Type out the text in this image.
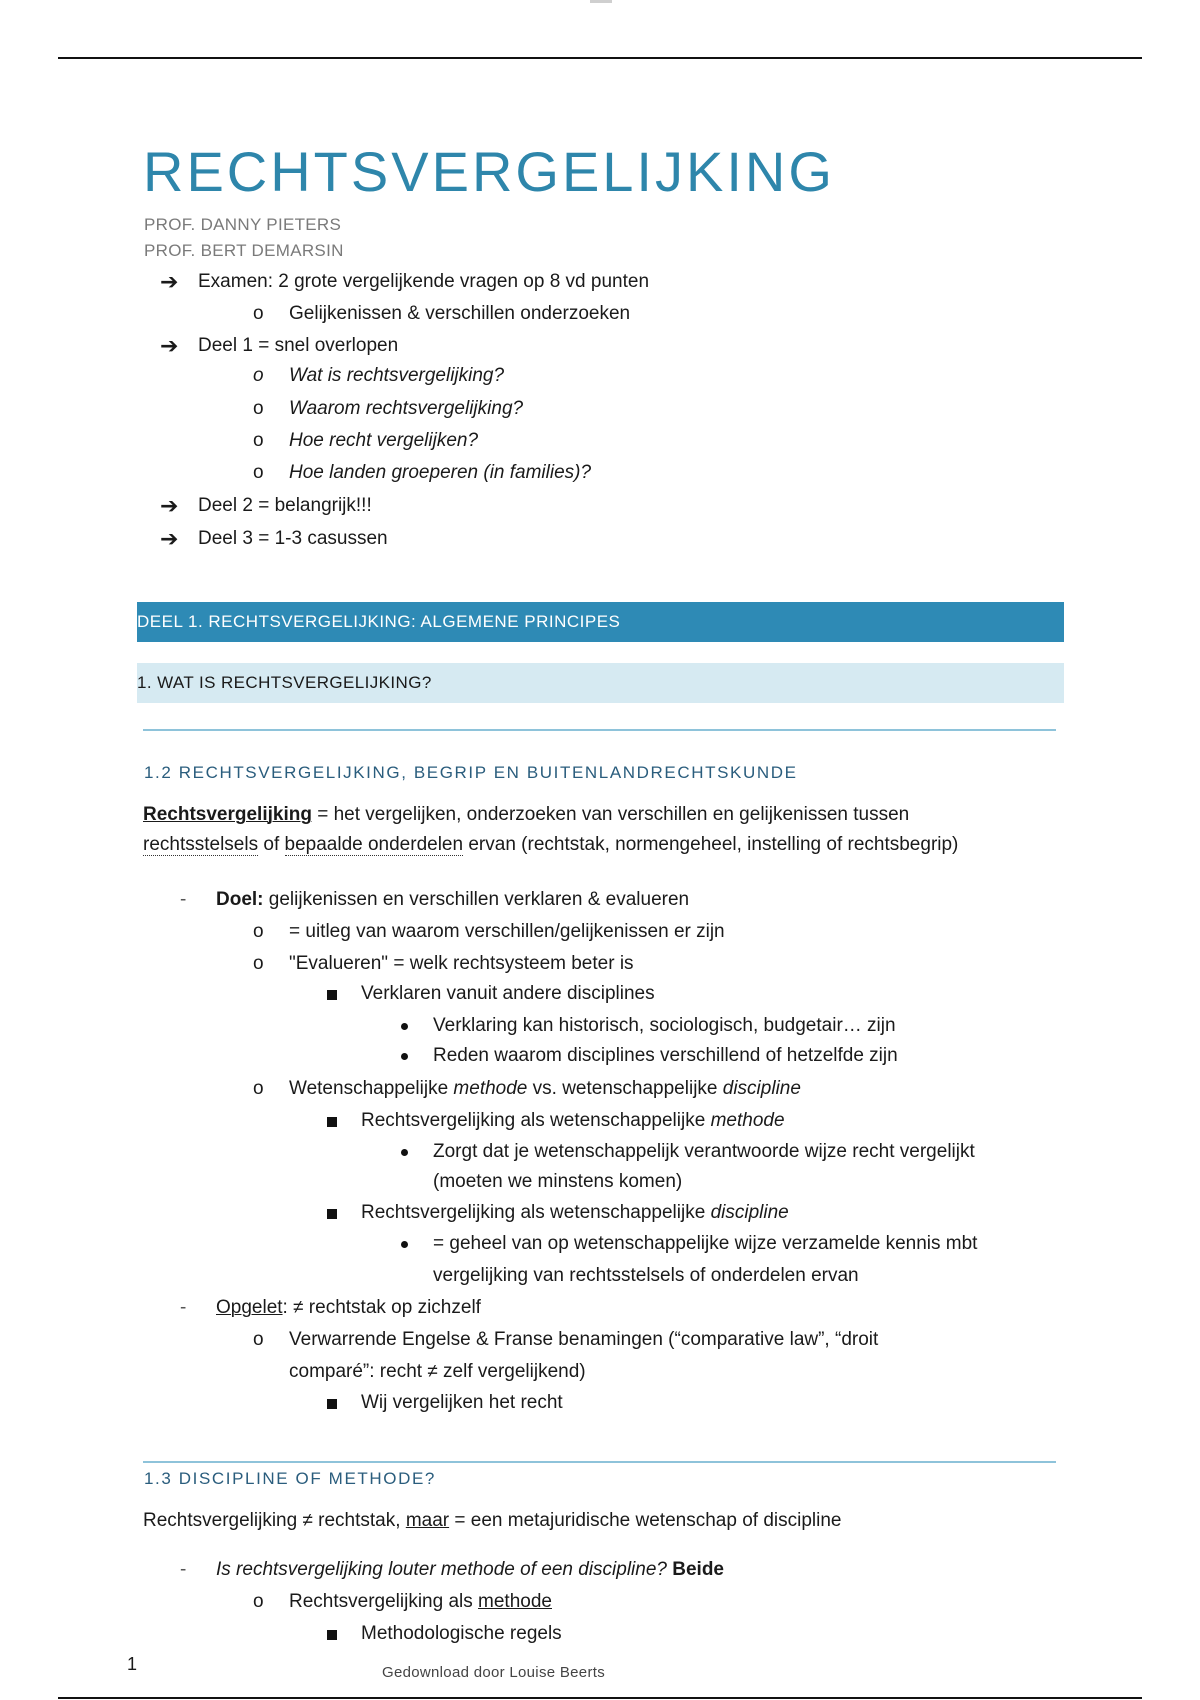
RECHTSVERGELIJKING
PROF. DANNY PIETERS
PROF. BERT DEMARSIN
➔ Examen: 2 grote vergelijkende vragen op 8 vd punten
o Gelijkenissen & verschillen onderzoeken
➔ Deel 1 = snel overlopen
o Wat is rechtsvergelijking?
o Waarom rechtsvergelijking?
o Hoe recht vergelijken?
o Hoe landen groeperen (in families)?
➔ Deel 2 = belangrijk!!!
➔ Deel 3 = 1-3 casussen
DEEL 1. RECHTSVERGELIJKING: ALGEMENE PRINCIPES
1. WAT IS RECHTSVERGELIJKING?
1.2 RECHTSVERGELIJKING, BEGRIP EN BUITENLANDRECHTSKUNDE
Rechtsvergelijking = het vergelijken, onderzoeken van verschillen en gelijkenissen tussen
rechtsstelsels of bepaalde onderdelen ervan (rechtstak, normengeheel, instelling of rechtsbegrip)
- Doel: gelijkenissen en verschillen verklaren & evalueren
o = uitleg van waarom verschillen/gelijkenissen er zijn
o "Evalueren" = welk rechtsysteem beter is
Verklaren vanuit andere disciplines
Verklaring kan historisch, sociologisch, budgetair… zijn
Reden waarom disciplines verschillend of hetzelfde zijn
o Wetenschappelijke methode vs. wetenschappelijke discipline
Rechtsvergelijking als wetenschappelijke methode
Zorgt dat je wetenschappelijk verantwoorde wijze recht vergelijkt
(moeten we minstens komen)
Rechtsvergelijking als wetenschappelijke discipline
= geheel van op wetenschappelijke wijze verzamelde kennis mbt
vergelijking van rechtsstelsels of onderdelen ervan
- Opgelet: ≠ rechtstak op zichzelf
o Verwarrende Engelse & Franse benamingen (“comparative law”, “droit
comparé”: recht ≠ zelf vergelijkend)
Wij vergelijken het recht
1.3 DISCIPLINE OF METHODE?
Rechtsvergelijking ≠ rechtstak, maar = een metajuridische wetenschap of discipline
- Is rechtsvergelijking louter methode of een discipline? Beide
o Rechtsvergelijking als methode
Methodologische regels
1	Gedownload door Louise Beerts
